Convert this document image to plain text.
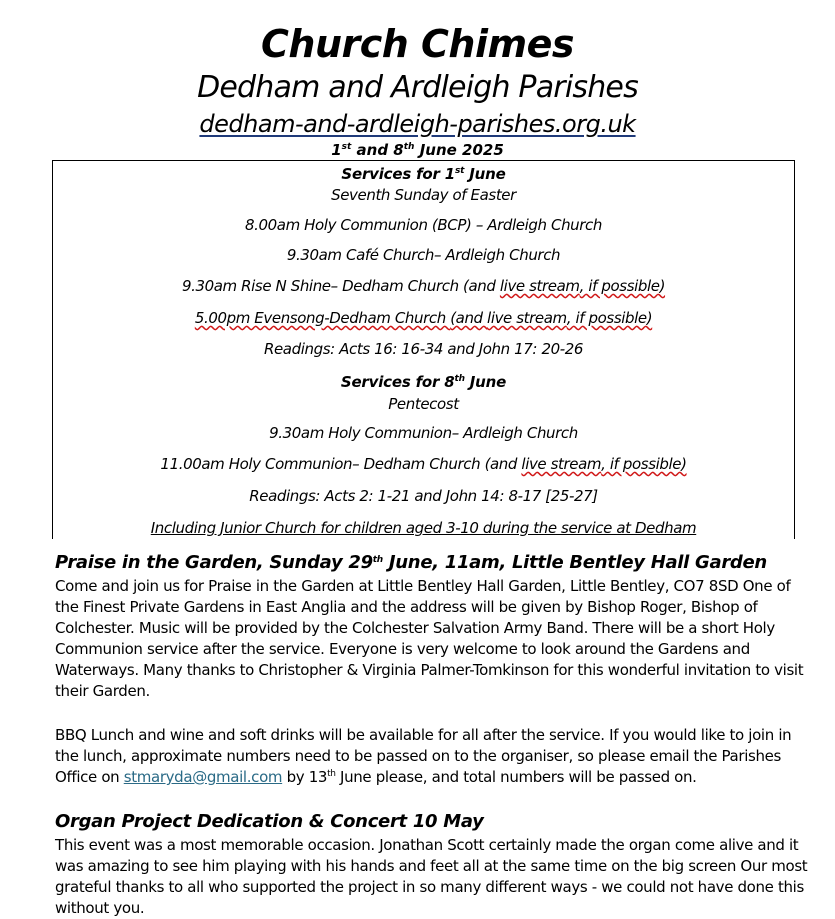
Church Chimes
Dedham and Ardleigh Parishes
dedham-and-ardleigh-parishes.org.uk
1st and 8th June 2025
Services for 1st June
Seventh Sunday of Easter
8.00am Holy Communion (BCP) – Ardleigh Church
9.30am Café Church– Ardleigh Church
9.30am Rise N Shine– Dedham Church (and live stream, if possible)
5.00pm Evensong-Dedham Church (and live stream, if possible)
Readings: Acts 16: 16-34 and John 17: 20-26
Services for 8th June
Pentecost
9.30am Holy Communion– Ardleigh Church
11.00am Holy Communion– Dedham Church (and live stream, if possible)
Readings: Acts 2: 1-21 and John 14: 8-17 [25-27]
Including Junior Church for children aged 3-10 during the service at Dedham
Praise in the Garden, Sunday 29th June, 11am, Little Bentley Hall Garden
Come and join us for Praise in the Garden at Little Bentley Hall Garden, Little Bentley, CO7 8SD One of the Finest Private Gardens in East Anglia and the address will be given by Bishop Roger, Bishop of Colchester. Music will be provided by the Colchester Salvation Army Band. There will be a short Holy Communion service after the service. Everyone is very welcome to look around the Gardens and Waterways. Many thanks to Christopher & Virginia Palmer-Tomkinson for this wonderful invitation to visit their Garden.
BBQ Lunch and wine and soft drinks will be available for all after the service. If you would like to join in the lunch, approximate numbers need to be passed on to the organiser, so please email the Parishes Office on stmaryda@gmail.com by 13th June please, and total numbers will be passed on.
Organ Project Dedication & Concert 10 May
This event was a most memorable occasion. Jonathan Scott certainly made the organ come alive and it was amazing to see him playing with his hands and feet all at the same time on the big screen Our most grateful thanks to all who supported the project in so many different ways - we could not have done this without you.
